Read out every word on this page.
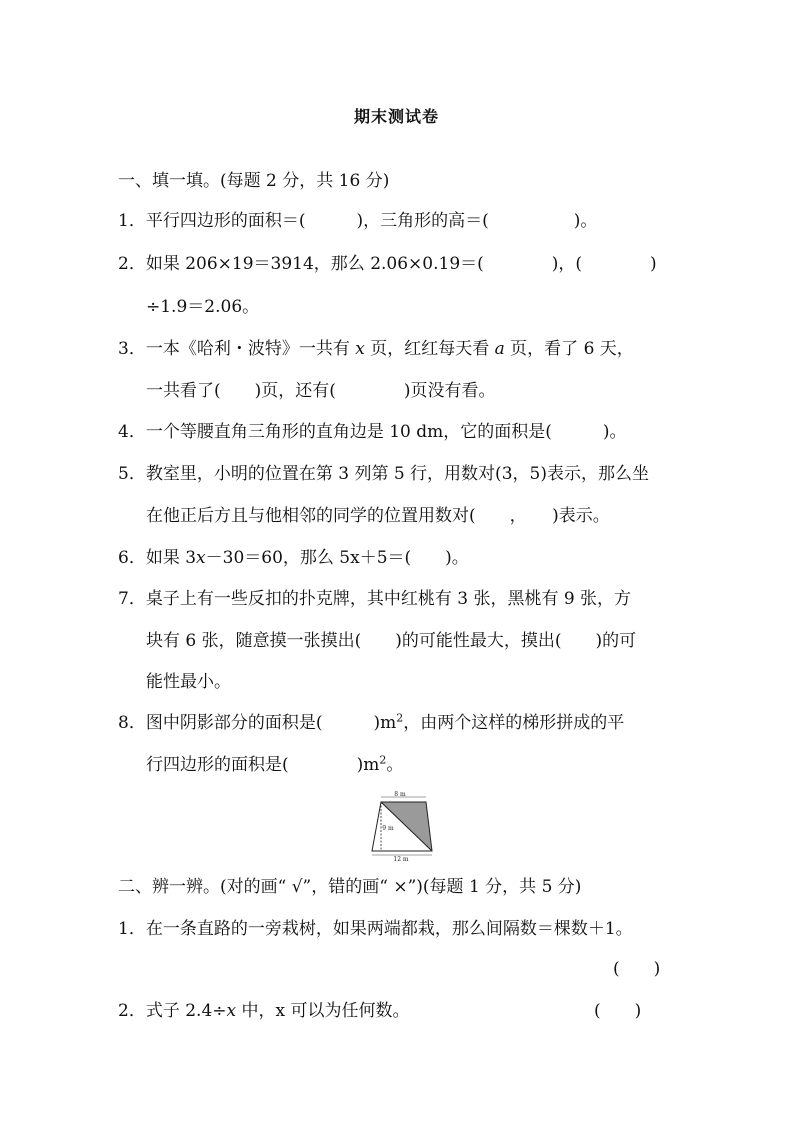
期末测试卷
一、填一填。(每题 2 分，共 16 分)
1．平行四边形的面积＝(　　　)，三角形的高＝(　　　　　)。
2．如果 206×19＝3914，那么 2.06×0.19＝(　　　　)，(　　　　)
÷1.9＝2.06。
3．一本《哈利・波特》一共有 x 页，红红每天看 a 页，看了 6 天，
一共看了(　　)页，还有(　　　　)页没有看。
4．一个等腰直角三角形的直角边是 10 dm，它的面积是(　　　)。
5．教室里，小明的位置在第 3 列第 5 行，用数对(3，5)表示，那么坐
在他正后方且与他相邻的同学的位置用数对(　　，　　)表示。
6．如果 3x－30＝60，那么 5x＋5＝(　　)。
7．桌子上有一些反扣的扑克牌，其中红桃有 3 张，黑桃有 9 张，方
块有 6 张，随意摸一张摸出(　　)的可能性最大，摸出(　　)的可
能性最小。
8．图中阴影部分的面积是(　　　)$m^2$，由两个这样的梯形拼成的平
行四边形的面积是(　　　　)$m^2$。
8 m
9 m
12 m
二、辨一辨。(对的画“ √”，错的画“ ×”)(每题 1 分，共 5 分)
1．在一条直路的一旁栽树，如果两端都栽，那么间隔数＝棵数＋1。
(　　)
2．式子 2.4÷x 中，x 可以为任何数。	(　　)
